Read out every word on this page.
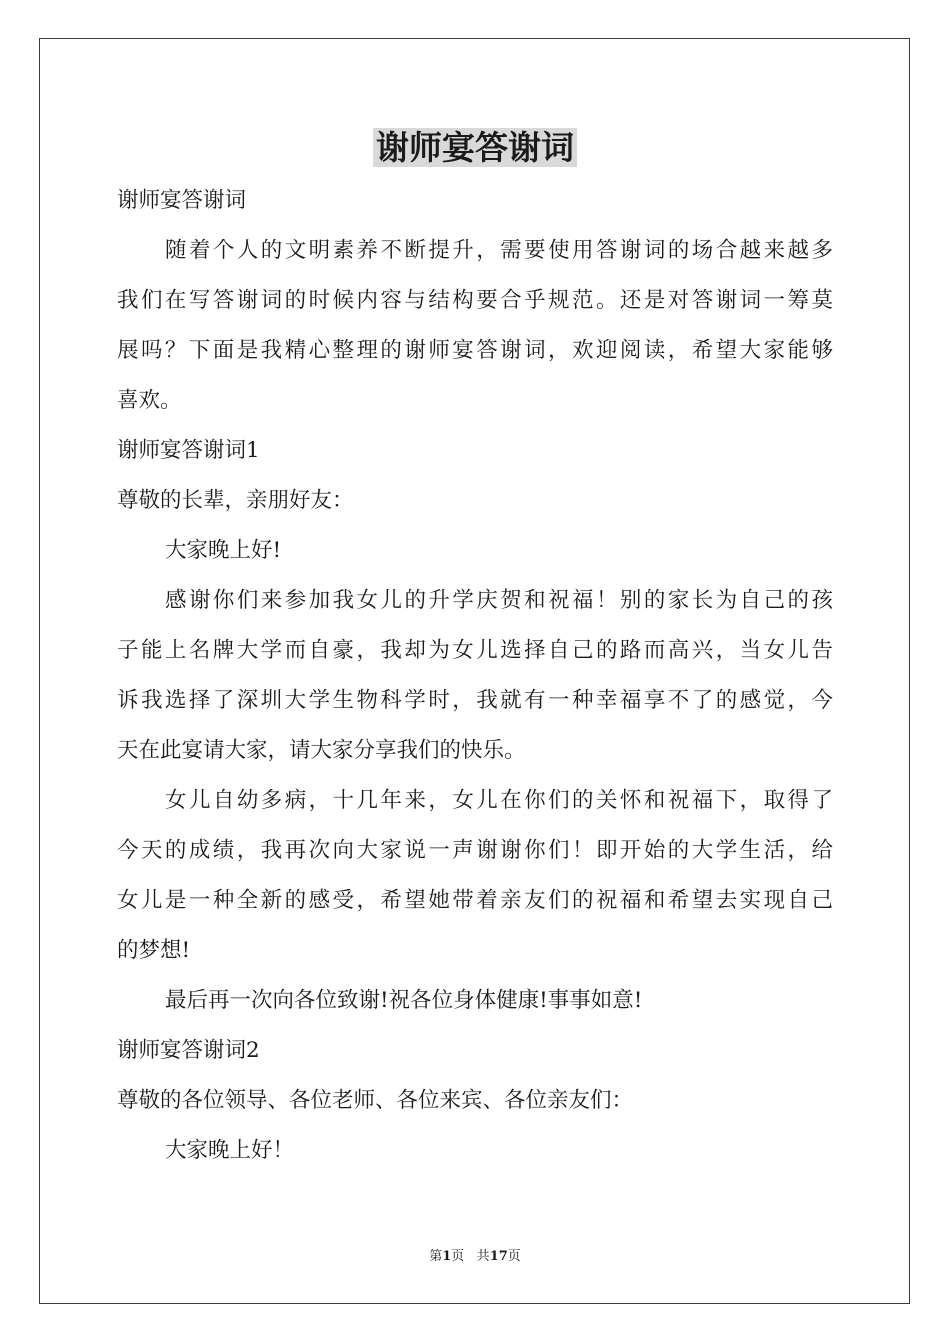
谢师宴答谢词
谢师宴答谢词
随着个人的文明素养不断提升，需要使用答谢词的场合越来越多
我们在写答谢词的时候内容与结构要合乎规范。还是对答谢词一筹莫
展吗？下面是我精心整理的谢师宴答谢词，欢迎阅读，希望大家能够
喜欢。
谢师宴答谢词1
尊敬的长辈，亲朋好友：
大家晚上好!
感谢你们来参加我女儿的升学庆贺和祝福！别的家长为自己的孩
子能上名牌大学而自豪，我却为女儿选择自己的路而高兴，当女儿告
诉我选择了深圳大学生物科学时，我就有一种幸福享不了的感觉，今
天在此宴请大家，请大家分享我们的快乐。
女儿自幼多病，十几年来，女儿在你们的关怀和祝福下，取得了
今天的成绩，我再次向大家说一声谢谢你们！即开始的大学生活，给
女儿是一种全新的感受，希望她带着亲友们的祝福和希望去实现自己
的梦想!
最后再一次向各位致谢!祝各位身体健康!事事如意!
谢师宴答谢词2
尊敬的各位领导、各位老师、各位来宾、各位亲友们：
大家晚上好！
第1页 共17页
